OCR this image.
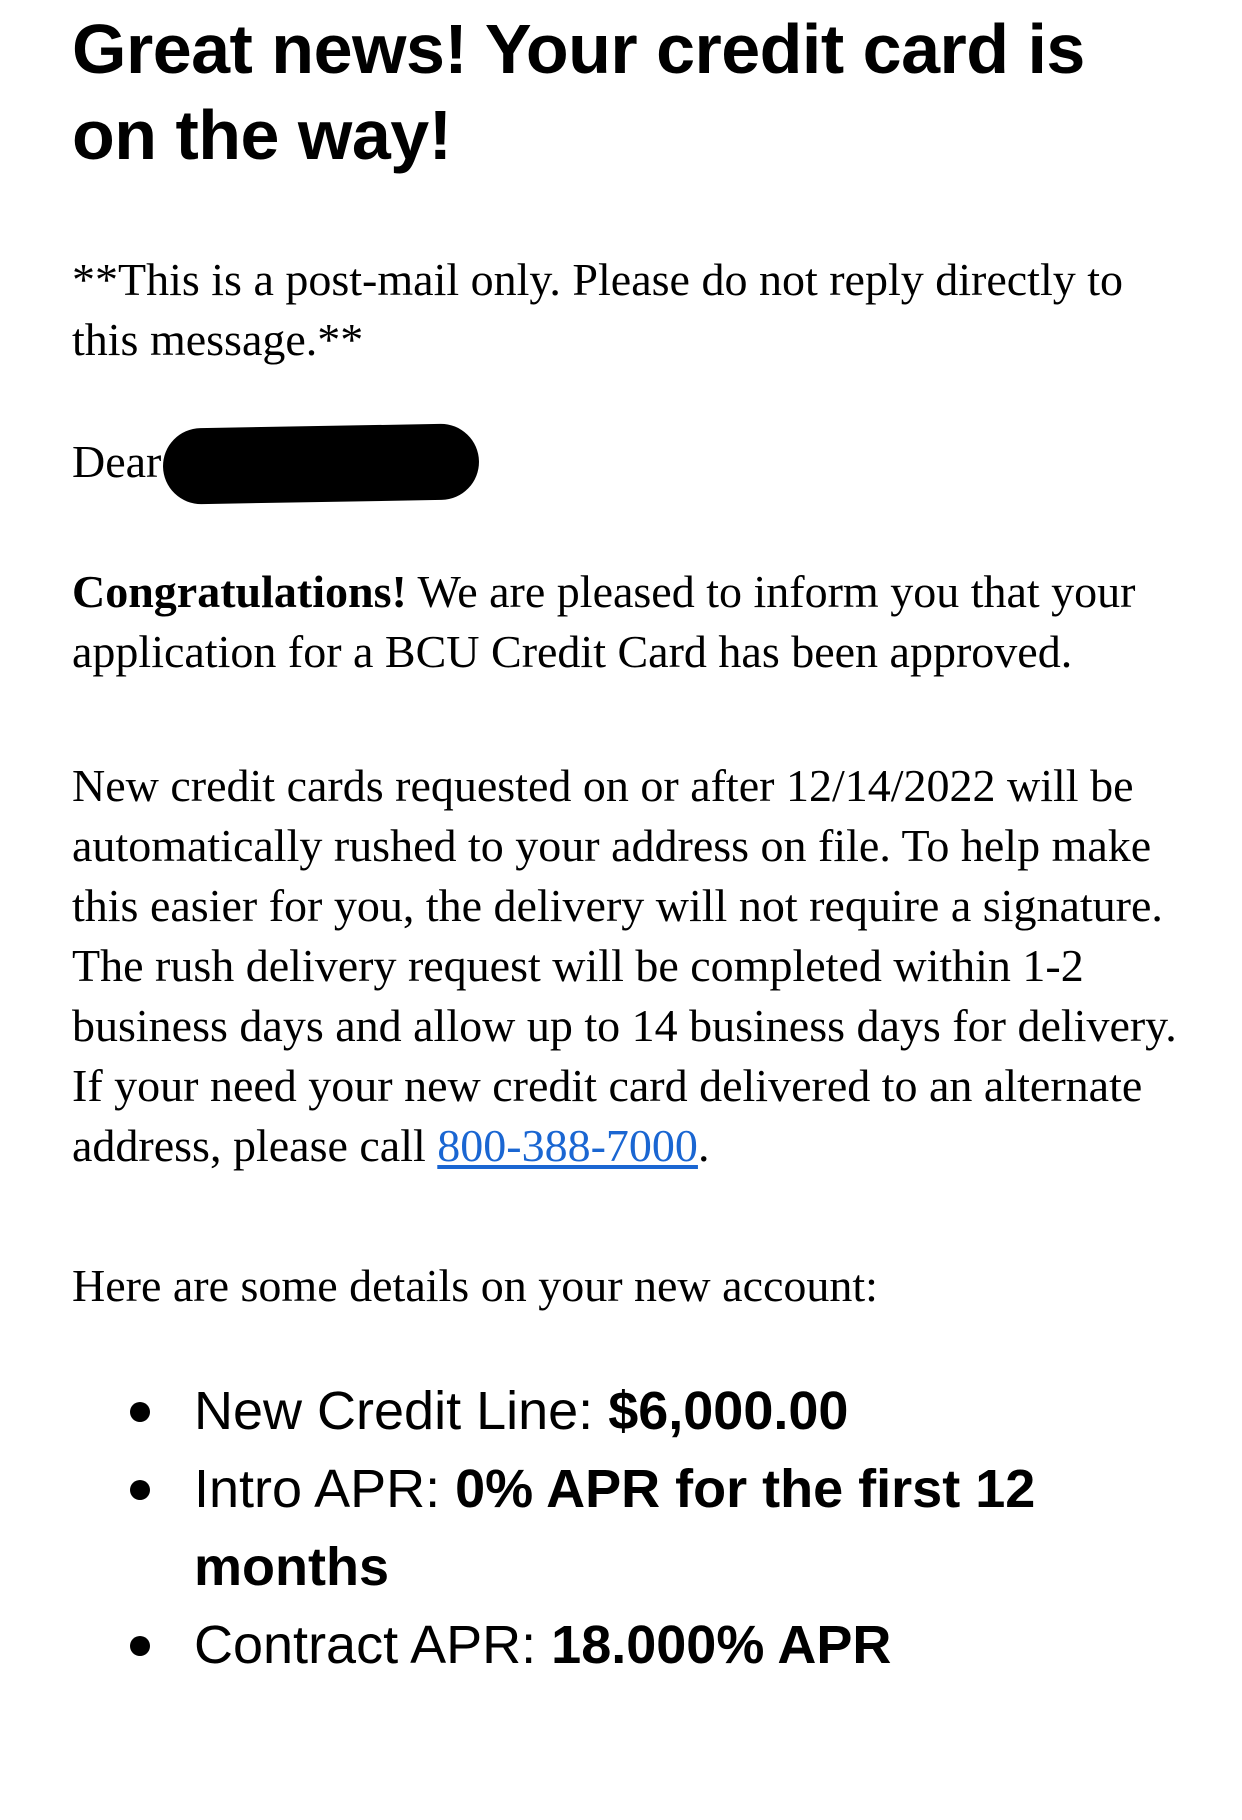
Great news! Your credit card is on the way!

**This is a post-mail only. Please do not reply directly to this message.**

Dear

Congratulations! We are pleased to inform you that your application for a BCU Credit Card has been approved.

New credit cards requested on or after 12/14/2022 will be automatically rushed to your address on file. To help make this easier for you, the delivery will not require a signature. The rush delivery request will be completed within 1-2 business days and allow up to 14 business days for delivery. If your need your new credit card delivered to an alternate address, please call 800-388-7000.

Here are some details on your new account:

New Credit Line: $6,000.00
Intro APR: 0% APR for the first 12 months
Contract APR: 18.000% APR
